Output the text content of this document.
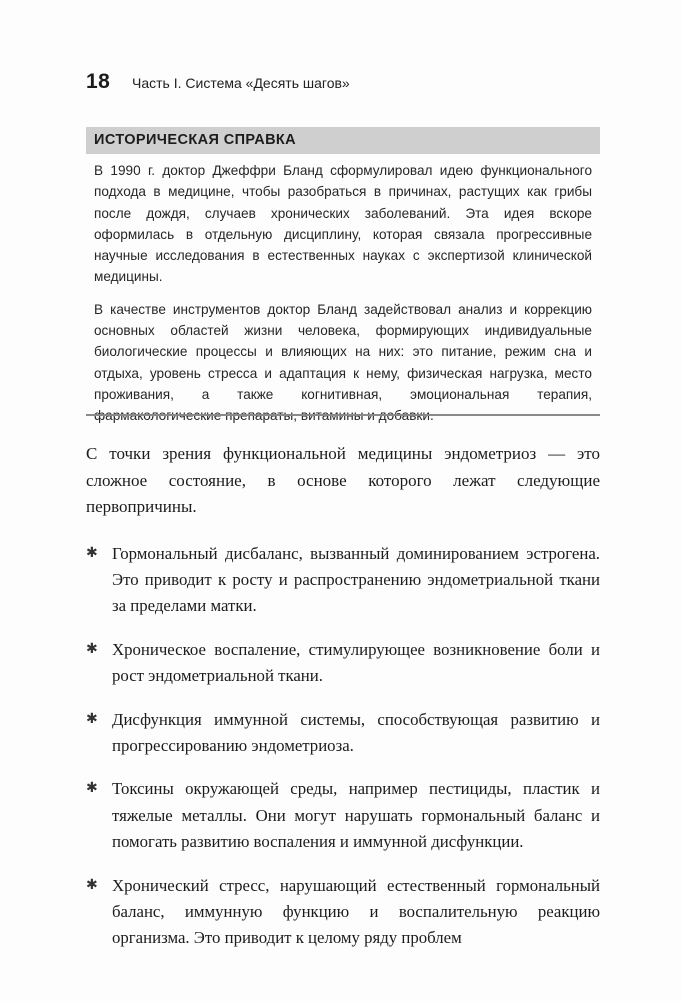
18	Часть I. Система «Десять шагов»
ИСТОРИЧЕСКАЯ СПРАВКА

В 1990 г. доктор Джеффри Бланд сформулировал идею функционального подхода в медицине, чтобы разобраться в причинах, растущих как грибы после дождя, случаев хронических заболеваний. Эта идея вскоре оформилась в отдельную дисциплину, которая связала прогрессивные научные исследования в естественных науках с экспертизой клинической медицины.

В качестве инструментов доктор Бланд задействовал анализ и коррекцию основных областей жизни человека, формирующих индивидуальные биологические процессы и влияющих на них: это питание, режим сна и отдыха, уровень стресса и адаптация к нему, физическая нагрузка, место проживания, а также когнитивная, эмоциональная терапия,

С точки зрения функциональной медицины эндометриоз — это сложное состояние, в основе которого лежат следующие первопричины.

✱ Гормональный дисбаланс, вызванный доминированием эстрогена. Это приводит к росту и распространению эндометриальной ткани за пределами матки.
✱ Хроническое воспаление, стимулирующее возникновение боли и рост эндометриальной ткани.
✱ Дисфункция иммунной системы, способствующая развитию и прогрессированию эндометриоза.
✱ Токсины окружающей среды, например пестициды, пластик и тяжелые металлы. Они могут нарушать гормональный баланс и помогать развитию воспаления и иммунной дисфункции.
✱ Хронический стресс, нарушающий естественный гормональный баланс, иммунную функцию и воспалительную реакцию организма. Это приводит к целому ряду проблем
